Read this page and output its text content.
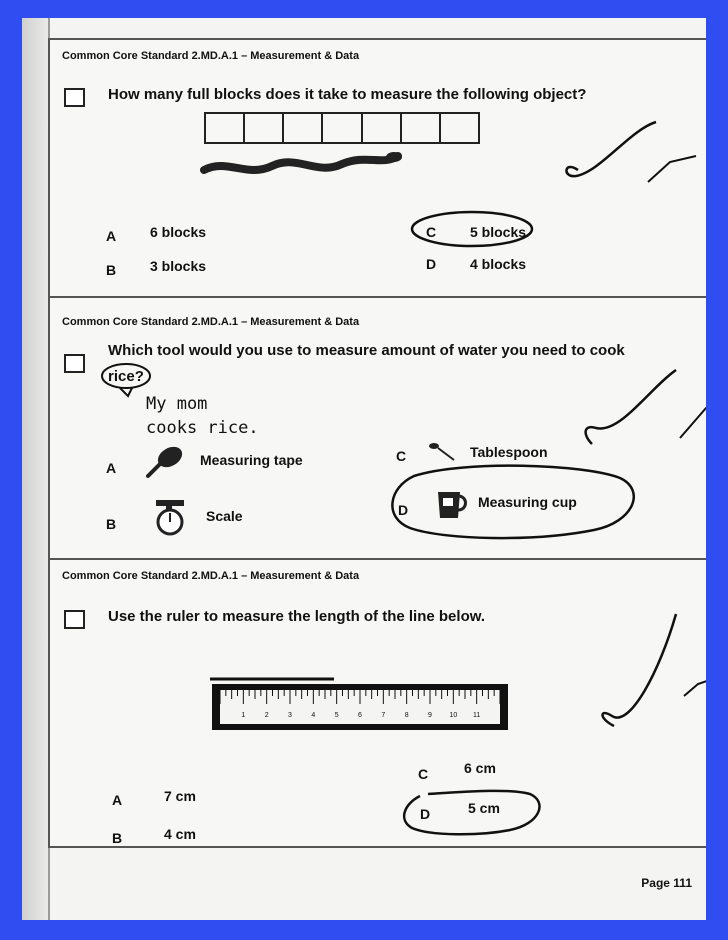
Common Core Standard 2.MD.A.1 – Measurement & Data
How many full blocks does it take to measure the following object?
A 6 blocks
B 3 blocks
C 5 blocks
D 4 blocks
Common Core Standard 2.MD.A.1 – Measurement & Data
Which tool would you use to measure amount of water you need to cook
rice?
My mom
cooks rice.
A	Measuring tape
B	Scale
C	Tablespoon
D	Measuring cup
Common Core Standard 2.MD.A.1 – Measurement & Data
Use the ruler to measure the length of the line below.
1	2	3	4	5	6	7	8	9 10 11
A	7 cm
B	4 cm
C	6 cm
D	5 cm
Page 111
